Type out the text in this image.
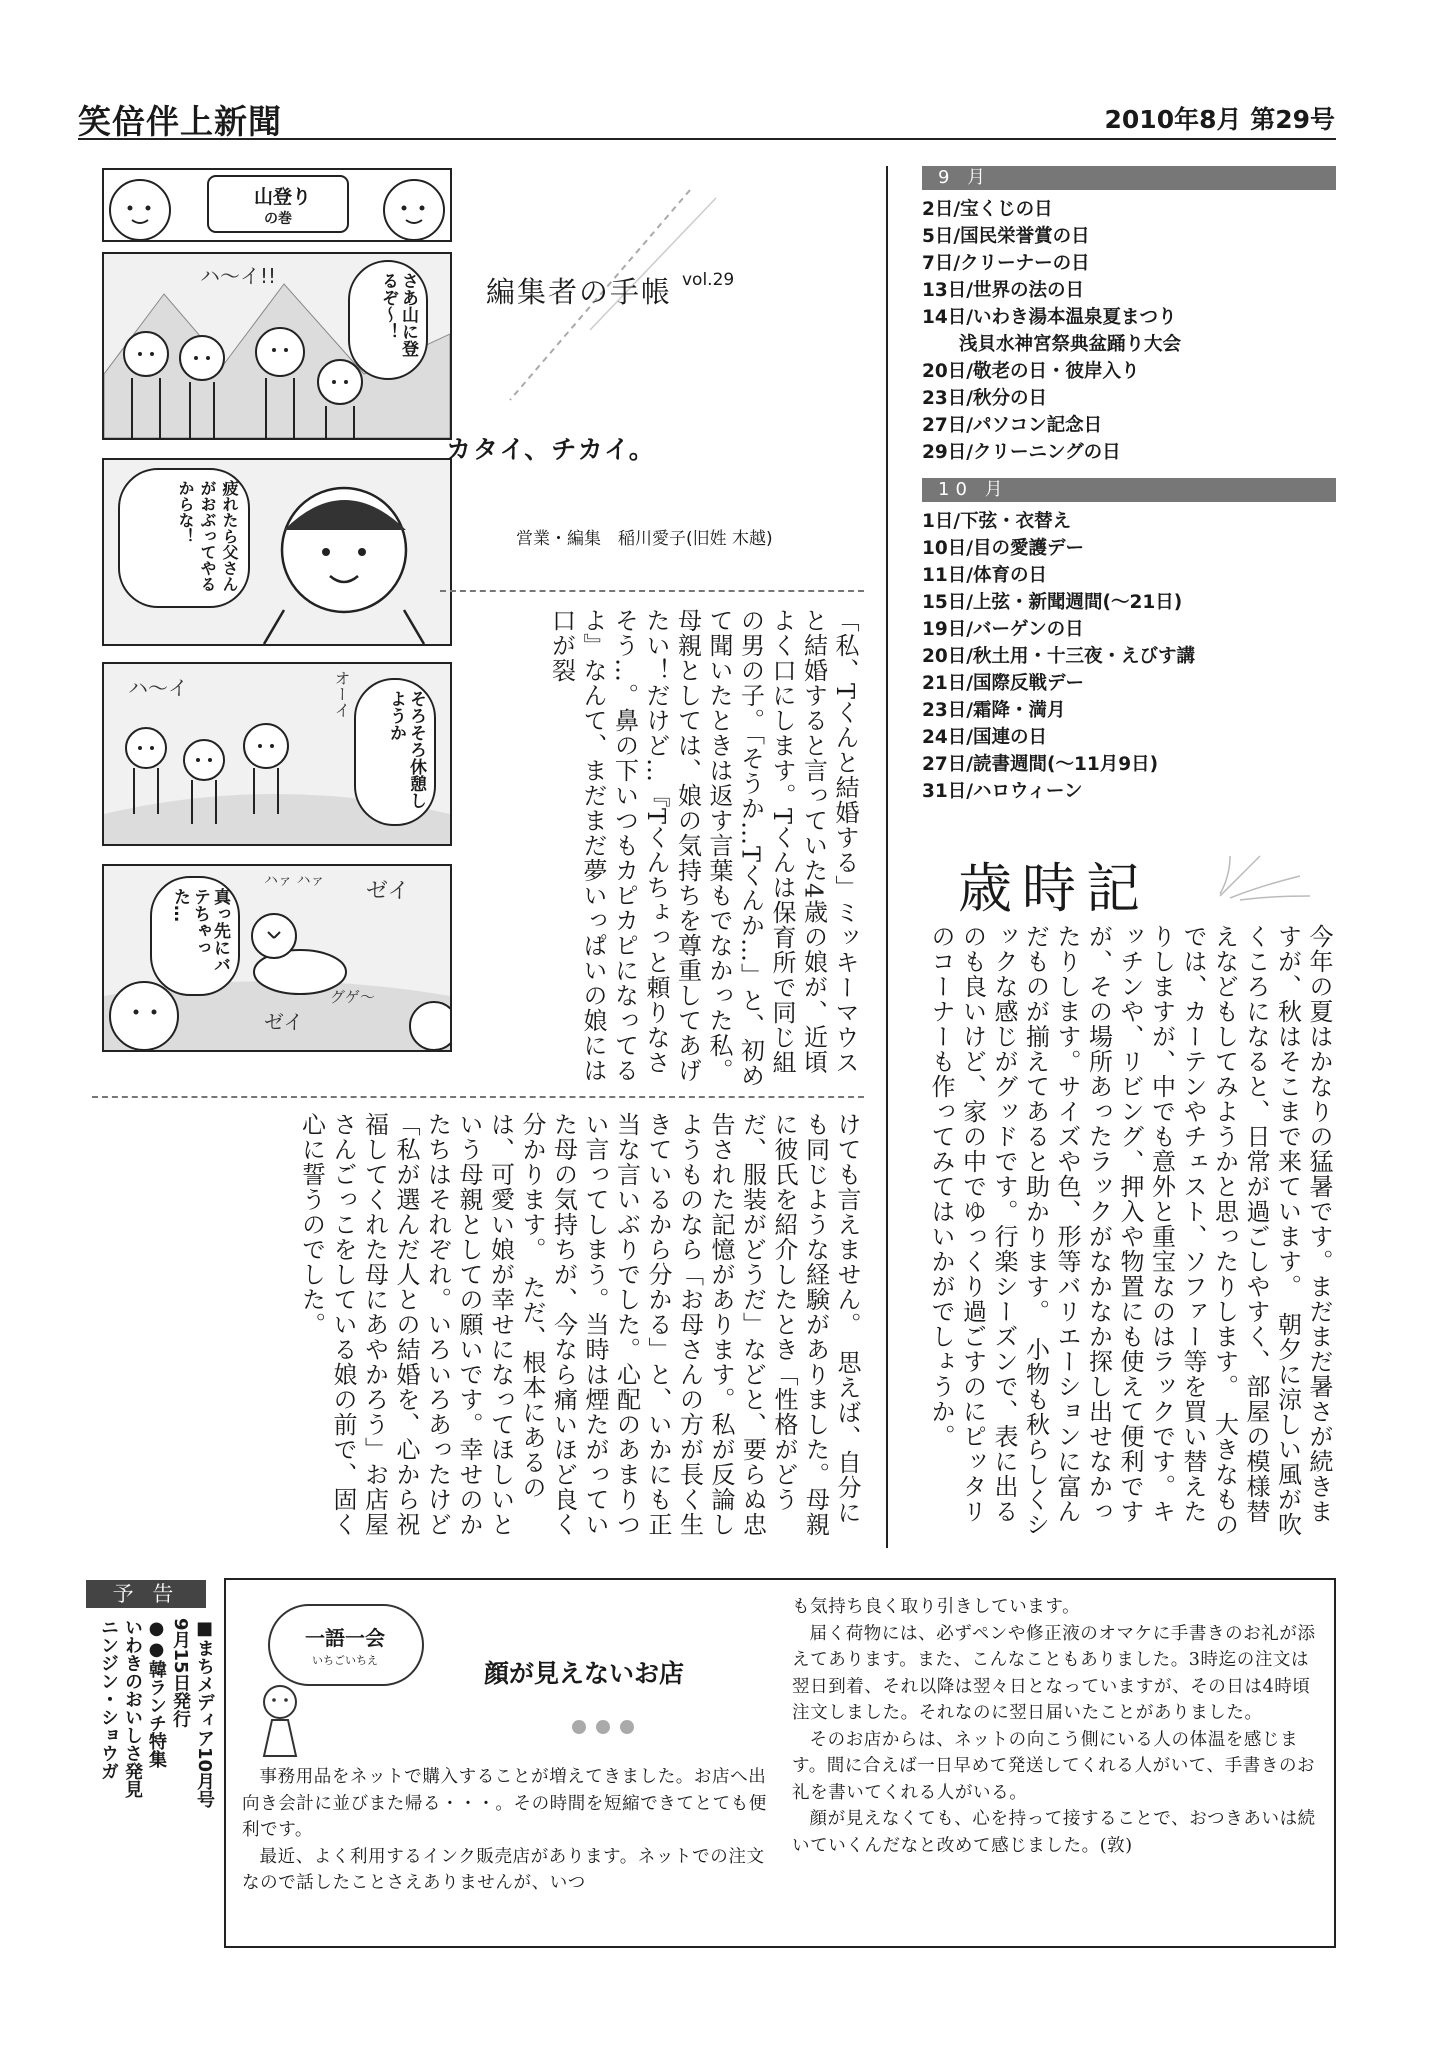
笑倍伴上新聞	2010年8月 第29号
山登り
の巻
ハ〜イ!!	さあ山に登るぞ〜！
疲れたら父さんがおぶってやるからな！
ハ〜イ	オーイ	そろそろ休憩しようか
ハァ ハァ ゼイ
グゲ〜
ゼイ
真っ先にバテちゃった…
編集者の手帳 vol.29
カタイ、チカイ。
営業・編集　稲川愛子(旧姓 木越)
「私、Tくんと結婚する」ミッキーマウスと結婚すると言っていた4歳の娘が、近頃よく口にします。Tくんは保育所で同じ組の男の子。「そうか…Tくんか…」と、初めて聞いたときは返す言葉もでなかった私。母親としては、娘の気持ちを尊重してあげたい！だけど…『Tくんちょっと頼りなさそう…。鼻の下いつもカピカピになってるよ』なんて、まだまだ夢いっぱいの娘には口が裂
けても言えません。　思えば、自分にも同じような経験がありました。母親に彼氏を紹介したとき「性格がどうだ、服装がどうだ」などと、要らぬ忠告された記憶があります。私が反論しようものなら「お母さんの方が長く生きているから分かる」と、いかにも正当な言いぶりでした。心配のあまりつい言ってしまう。当時は煙たがっていた母の気持ちが、今なら痛いほど良く分かります。　ただ、根本にあるのは、可愛い娘が幸せになってほしいという母親としての願いです。幸せのかたちはそれぞれ。いろいろあったけど「私が選んだ人との結婚を、心から祝福してくれた母にあやかろう」お店屋さんごっこをしている娘の前で、固く心に誓うのでした。
9 月
2日/宝くじの日
5日/国民栄誉賞の日
7日/クリーナーの日
13日/世界の法の日
14日/いわき湯本温泉夏まつり
　　浅貝水神宮祭典盆踊り大会
20日/敬老の日・彼岸入り
23日/秋分の日
27日/パソコン記念日
29日/クリーニングの日
10 月
1日/下弦・衣替え
10日/目の愛護デー
11日/体育の日
15日/上弦・新聞週間(〜21日)
19日/バーゲンの日
20日/秋土用・十三夜・えびす講
21日/国際反戦デー
23日/霜降・満月
24日/国連の日
27日/読書週間(〜11月9日)
31日/ハロウィーン
歳時記
今年の夏はかなりの猛暑です。まだまだ暑さが続きますが、秋はそこまで来ています。　朝夕に涼しい風が吹くころになると、日常が過ごしやすく、部屋の模様替えなどもしてみようかと思ったりします。　大きなものでは、カーテンやチェスト、ソファー等を買い替えたりしますが、中でも意外と重宝なのはラックです。キッチンや、リビング、押入や物置にも使えて便利ですが、その場所あったラックがなかなか探し出せなかったりします。サイズや色、形等バリエーションに富んだものが揃えてあると助かります。　小物も秋らしくシックな感じがグッドです。行楽シーズンで、表に出るのも良いけど、家の中でゆっくり過ごすのにピッタリのコーナーも作ってみてはいかがでしょうか。
予 告
■まちメディア10月号
9月15日発行
●●韓ランチ特集
いわきのおいしさ発見
ニンジン・ショウガ	一語一会
いちごいちえ	顔が見えないお店

事務用品をネットで購入することが増えてきました。お店へ出向き会計に並びまた帰る・・・。その時間を短縮できてとても便利です。

最近、よく利用するインク販売店があります。ネットでの注文なので話したことさえありませんが、いつ

も気持ち良く取り引きしています。

届く荷物には、必ずペンや修正液のオマケに手書きのお礼が添えてあります。また、こんなこともありました。3時迄の注文は翌日到着、それ以降は翌々日となっていますが、その日は4時頃注文しました。それなのに翌日届いたことがありました。

そのお店からは、ネットの向こう側にいる人の体温を感じます。間に合えば一日早めて発送してくれる人がいて、手書きのお礼を書いてくれる人がいる。

顔が見えなくても、心を持って接することで、おつきあいは続いていくんだなと改めて感じました。(敦)
